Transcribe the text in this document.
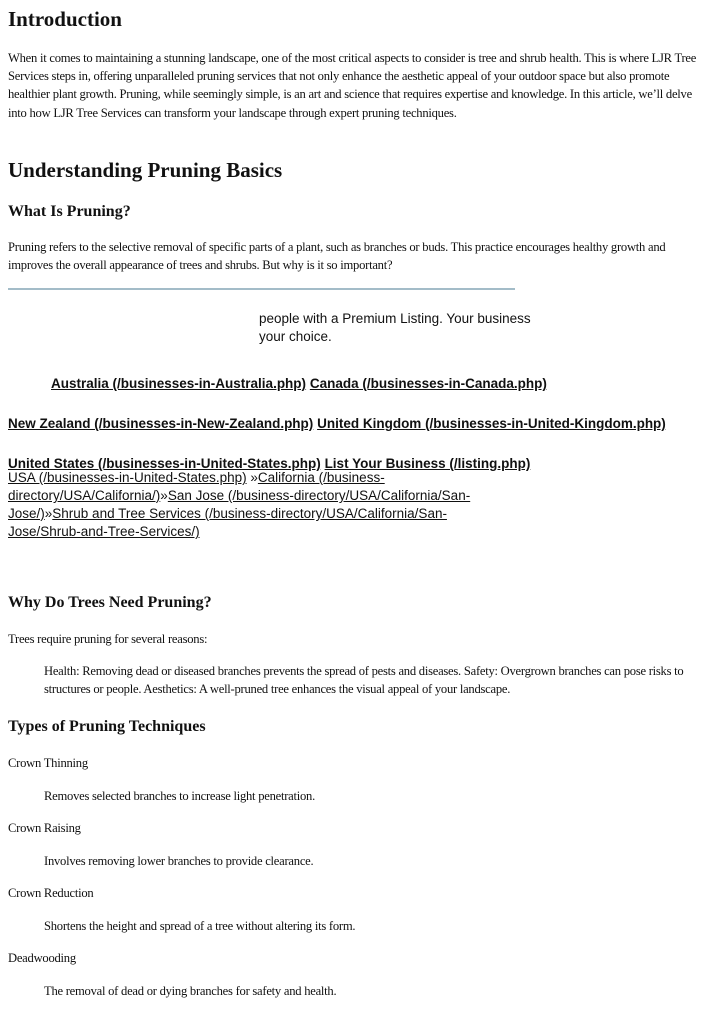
Introduction

When it comes to maintaining a stunning landscape, one of the most critical aspects to consider is tree and shrub health. This is where LJR Tree Services steps in, offering unparalleled pruning services that not only enhance the aesthetic appeal of your outdoor space but also promote healthier plant growth. Pruning, while seemingly simple, is an art and science that requires expertise and knowledge. In this article, we’ll delve into how LJR Tree Services can transform your landscape through expert pruning techniques.

Understanding Pruning Basics
What Is Pruning?

Pruning refers to the selective removal of specific parts of a plant, such as branches or buds. This practice encourages healthy growth and improves the overall appearance of trees and shrubs. But why is it so important?

people with a Premium Listing. Your business
your choice.
Australia (/businesses-in-Australia.php) Canada (/businesses-in-Canada.php)
New Zealand (/businesses-in-New-Zealand.php) United Kingdom (/businesses-in-United-Kingdom.php)
United States (/businesses-in-United-States.php) List Your Business (/listing.php)
USA (/businesses-in-United-States.php) »California (/business-directory/USA/California/)»San Jose (/business-directory/USA/California/San-Jose/)»Shrub and Tree Services (/business-directory/USA/California/San-Jose/Shrub-and-Tree-Services/)
Why Do Trees Need Pruning?

Trees require pruning for several reasons:

Health: Removing dead or diseased branches prevents the spread of pests and diseases. Safety: Overgrown branches can pose risks to structures or people. Aesthetics: A well-pruned tree enhances the visual appeal of your landscape.

Types of Pruning Techniques
Crown Thinning
Removes selected branches to increase light penetration.
Crown Raising
Involves removing lower branches to provide clearance.
Crown Reduction
Shortens the height and spread of a tree without altering its form.
Deadwooding
The removal of dead or dying branches for safety and health.
